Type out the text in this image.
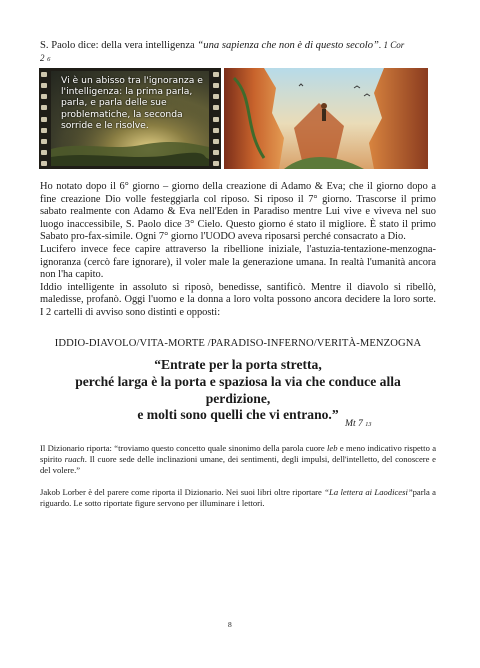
S. Paolo dice: della vera intelligenza “una sapienza che non è di questo secolo”. 1 Cor
2 6

Vi è un abisso tra l'ignoranza e l'intelligenza: la prima parla, parla, e parla delle sue problematiche, la seconda sorride e le risolve.
Ho notato dopo il 6° giorno – giorno della creazione di Adamo & Eva; che il giorno dopo a fine creazione Dio volle festeggiarla col riposo. Si riposo il 7° giorno. Trascorse il primo sabato realmente con Adamo & Eva nell'Eden in Paradiso mentre Lui vive e viveva nel suo luogo inaccessibile, S. Paolo dice 3° Cielo. Questo giorno é stato il migliore. È stato il primo Sabato pro-fax-simile. Ogni 7° giorno l'UODO aveva riposarsi perché consacrato a Dio.
Lucifero invece fece capire attraverso la ribellione iniziale, l'astuzia-tentazione-menzogna-ignoranza (cercò fare ignorare), il voler male la generazione umana. In realtà l'umanità ancora non l'ha capito.
Iddio intelligente in assoluto si riposò, benedisse, santificò. Mentre il diavolo si ribellò, maledisse, profanò. Oggi l'uomo e la donna a loro volta possono ancora decidere la loro sorte. I 2 cartelli di avviso sono distinti e opposti:
IDDIO-DIAVOLO/VITA-MORTE /PARADISO-INFERNO/VERITÀ-MENZOGNA
“Entrate per la porta stretta,
perché larga è la porta e spaziosa la via che conduce alla
perdizione,
e molti sono quelli che vi entrano.”
Mt 7 13

Il Dizionario riporta: “troviamo questo concetto quale sinonimo della parola cuore leb e meno indicativo rispetto a spirito ruach. Il cuore sede delle inclinazioni umane, dei sentimenti, degli impulsi, dell'intelletto, del conoscere e del volere.”

Jakob Lorber è del parere come riporta il Dizionario. Nei suoi libri oltre riportare “La lettera ai Laodicesi”parla a riguardo. Le sotto riportate figure servono per illuminare i lettori.

8
